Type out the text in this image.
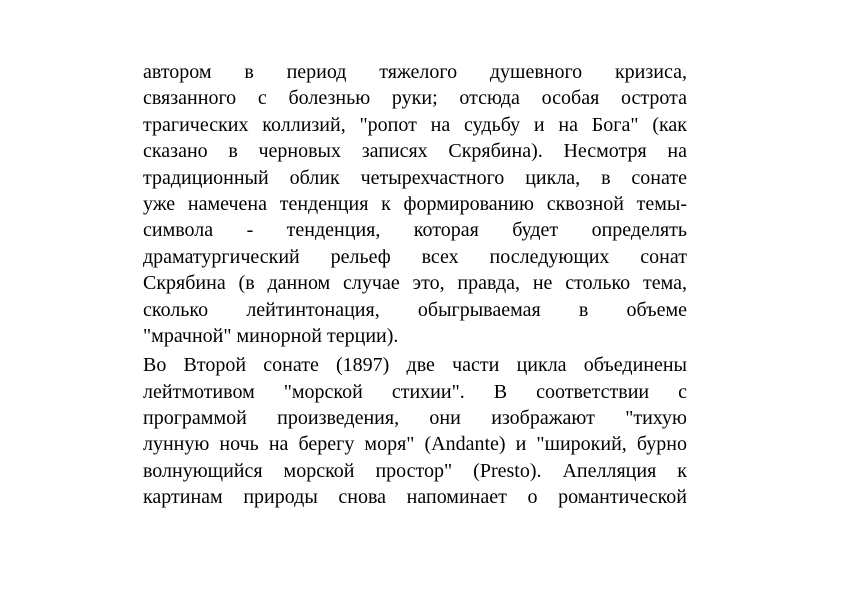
автором в период тяжелого душевного кризиса,
связанного с болезнью руки; отсюда особая острота
трагических коллизий, "ропот на судьбу и на Бога" (как
сказано в черновых записях Скрябина). Несмотря на
традиционный облик четырехчастного цикла, в сонате
уже намечена тенденция к формированию сквозной темы-
символа - тенденция, которая будет определять
драматургический рельеф всех последующих сонат
Скрябина (в данном случае это, правда, не столько тема,
сколько лейтинтонация, обыгрываемая в объеме
"мрачной" минорной терции).
Во Второй сонате (1897) две части цикла объединены
лейтмотивом "морской стихии". В соответствии с
программой произведения, они изображают "тихую
лунную ночь на берегу моря" (Andante) и "широкий, бурно
волнующийся морской простор" (Presto). Апелляция к
картинам природы снова напоминает о романтической
